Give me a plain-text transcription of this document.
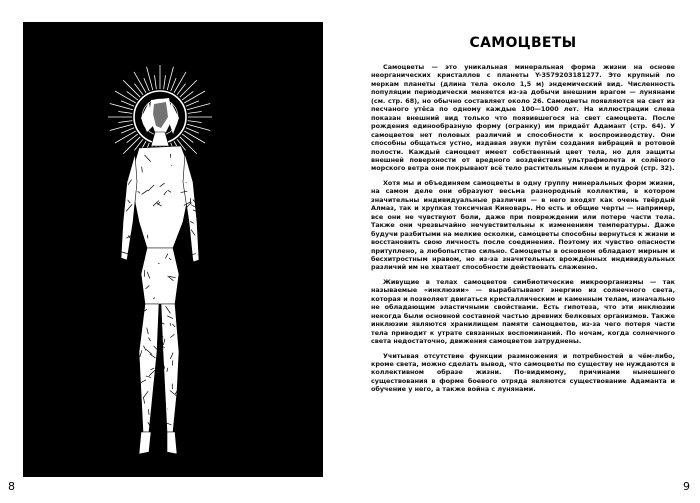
8	9
САМОЦВЕТЫ

Самоцветы — это уникальная минеральная форма жизни на основе неорганических кристаллов с планеты Y-3579203181277. Это крупный по меркам планеты (длина тела около 1,5 м) эндемический вид. Численность популяции периодически меняется из-за добычи внешним врагом — лунянами (см. стр. 68), но обычно составляет около 26. Самоцветы появляются на свет из песчаного утёса по одному каждые 100—1000 лет. На иллюстрации слева показан внешний вид только что появившегося на свет самоцвета. После рождения единообразную форму (огранку) им придаёт Адамант (стр. 64). У самоцветов нет половых различий и способности к воспроизводству. Они способны общаться устно, издавая звуки путём создания вибраций в ротовой полости. Каждый самоцвет имеет собственный цвет тела, но для защиты внешней поверхности от вредного воздействия ультрафиолета и солёного морского ветра они покрывают всё тело растительным клеем и пудрой (стр. 32).

Хотя мы и объединяем самоцветы в одну группу минеральных форм жизни, на самом деле они образуют весьма разнородный коллектив, в котором значительны индивидуальные различия — в него входят как очень твёрдый Алмаз, так и хрупкая токсичная Киноварь. Но есть и общие черты — например, все они не чувствуют боли, даже при повреждении или потере части тела. Также они чрезвычайно нечувствительны к изменениям температуры. Даже будучи разбитыми на мелкие осколки, самоцветы способны вернуться к жизни и восстановить свою личность после соединения. Поэтому их чувство опасности притуплено, а любопытство сильно. Самоцветы в основном обладают мирным и бесхитростным нравом, но из-за значительных врождённых индивидуальных различий им не хватает способности действовать слаженно.

Живущие в телах самоцветов симбиотические микроорганизмы — так называемые «инклюзии» — вырабатывают энергию из солнечного света, которая и позволяет двигаться кристаллическим и каменным телам, изначально не обладающим эластичными свойствами. Есть гипотеза, что эти инклюзии некогда были основной составной частью древних белковых организмов. Также инклюзии являются хранилищем памяти самоцветов, из-за чего потеря части тела приводит к утрате связанных воспоминаний. По ночам, когда солнечного света недостаточно, движения самоцветов затруднены.

Учитывая отсутствие функции размножения и потребностей в чём-либо, кроме света, можно сделать вывод, что самоцветы по существу не нуждаются в коллективном образе жизни. По-видимому, причинами нынешнего существования в форме боевого отряда являются существование Адаманта и обучение у него, а также война с лунянами.
